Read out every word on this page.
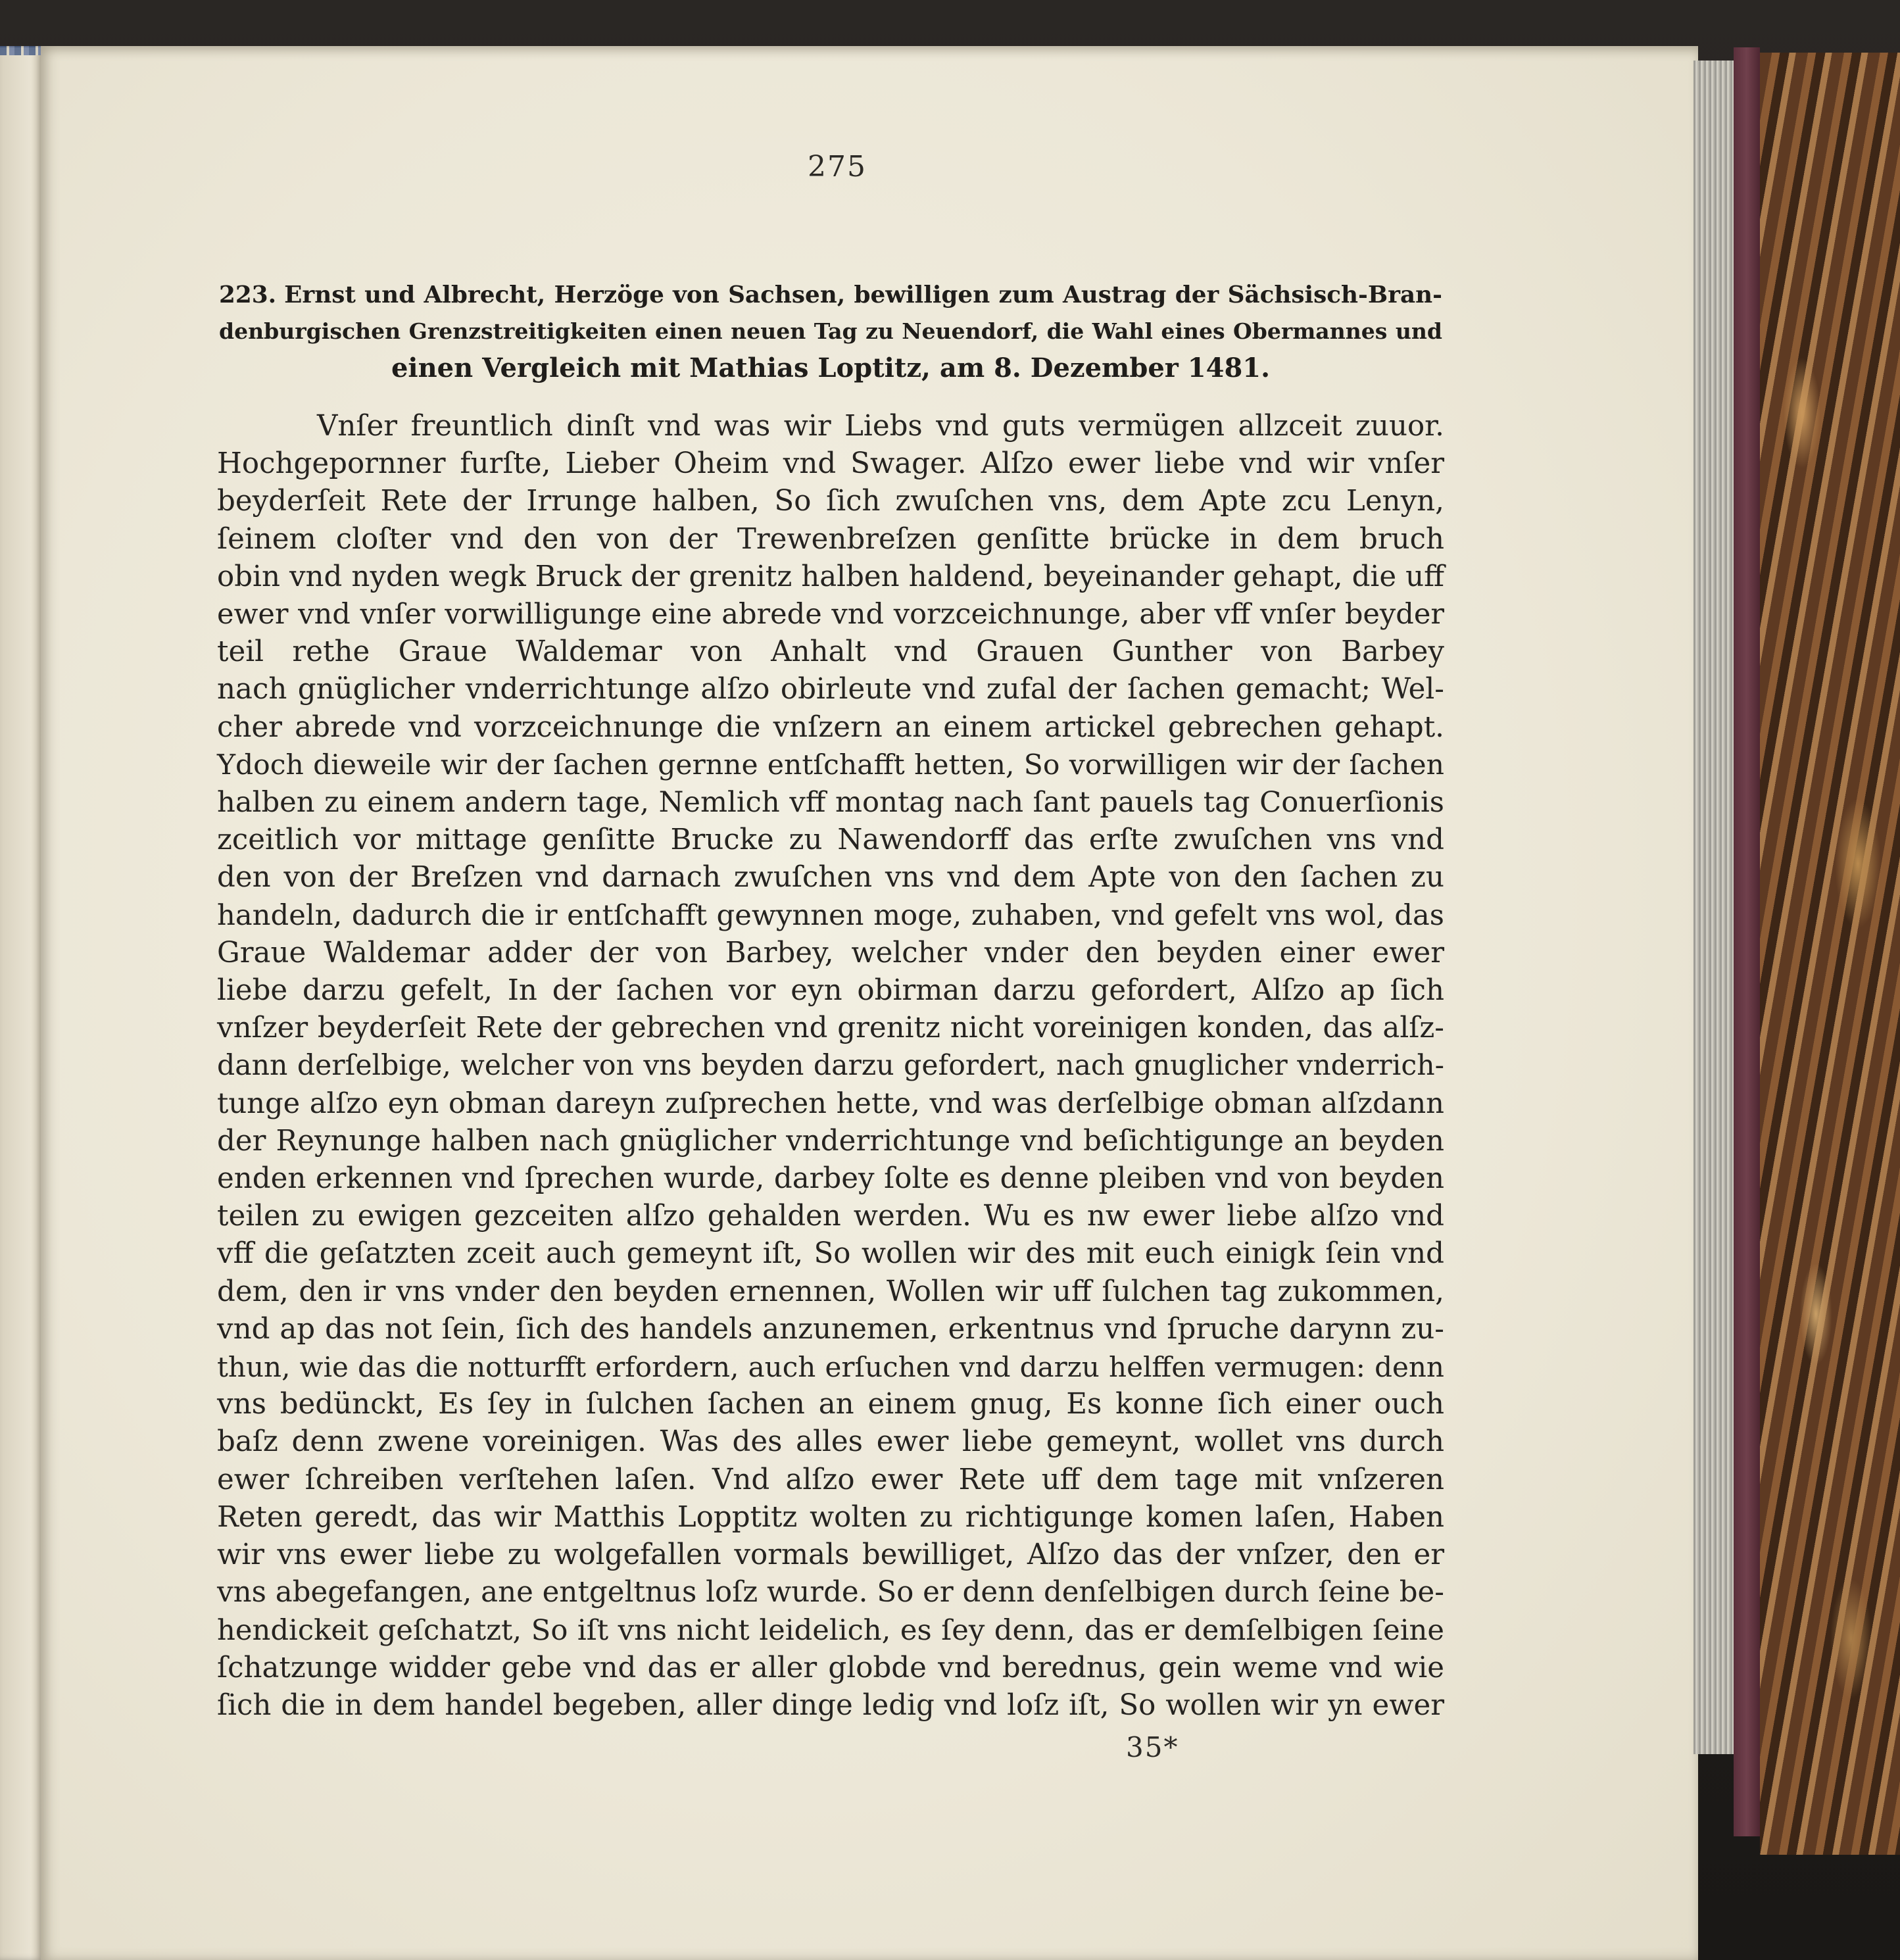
275
223. Ernst und Albrecht, Herzöge von Sachsen, bewilligen zum Austrag der Sächsisch-Bran-
denburgischen Grenzstreitigkeiten einen neuen Tag zu Neuendorf, die Wahl eines Obermannes und
einen Vergleich mit Mathias Loptitz, am 8. Dezember 1481.
Vnſer freuntlich dinſt vnd was wir Liebs vnd guts vermügen allzceit zuuor.
Hochgepornner furſte, Lieber Oheim vnd Swager. Alſzo ewer liebe vnd wir vnſer
beyderſeit Rete der Irrunge halben, So ſich zwuſchen vns, dem Apte zcu Lenyn,
ſeinem cloſter vnd den von der Trewenbreſzen genſitte brücke in dem bruch
obin vnd nyden wegk Bruck der grenitz halben haldend, beyeinander gehapt, die uff
ewer vnd vnſer vorwilligunge eine abrede vnd vorzceichnunge, aber vff vnſer beyder
teil rethe Graue Waldemar von Anhalt vnd Grauen Gunther von Barbey
nach gnüglicher vnderrichtunge alſzo obirleute vnd zufal der ſachen gemacht; Wel-
cher abrede vnd vorzceichnunge die vnſzern an einem artickel gebrechen gehapt.
Ydoch dieweile wir der ſachen gernne entſchafft hetten, So vorwilligen wir der ſachen
halben zu einem andern tage, Nemlich vff montag nach ſant pauels tag Conuerſionis
zceitlich vor mittage genſitte Brucke zu Nawendorff das erſte zwuſchen vns vnd
den von der Breſzen vnd darnach zwuſchen vns vnd dem Apte von den ſachen zu
handeln, dadurch die ir entſchafft gewynnen moge, zuhaben, vnd gefelt vns wol, das
Graue Waldemar adder der von Barbey, welcher vnder den beyden einer ewer
liebe darzu gefelt, In der ſachen vor eyn obirman darzu gefordert, Alſzo ap ſich
vnſzer beyderſeit Rete der gebrechen vnd grenitz nicht voreinigen konden, das alſz-
dann derſelbige, welcher von vns beyden darzu gefordert, nach gnuglicher vnderrich-
tunge alſzo eyn obman dareyn zuſprechen hette, vnd was derſelbige obman alſzdann
der Reynunge halben nach gnüglicher vnderrichtunge vnd beſichtigunge an beyden
enden erkennen vnd ſprechen wurde, darbey ſolte es denne pleiben vnd von beyden
teilen zu ewigen gezceiten alſzo gehalden werden. Wu es nw ewer liebe alſzo vnd
vff die geſatzten zceit auch gemeynt iſt, So wollen wir des mit euch einigk ſein vnd
dem, den ir vns vnder den beyden ernennen, Wollen wir uff ſulchen tag zukommen,
vnd ap das not ſein, ſich des handels anzunemen, erkentnus vnd ſpruche darynn zu-
thun, wie das die notturfft erfordern, auch erſuchen vnd darzu helffen vermugen: denn
vns bedünckt, Es ſey in ſulchen ſachen an einem gnug, Es konne ſich einer ouch
baſz denn zwene voreinigen. Was des alles ewer liebe gemeynt, wollet vns durch
ewer ſchreiben verſtehen laſen. Vnd alſzo ewer Rete uff dem tage mit vnſzeren
Reten geredt, das wir Matthis Lopptitz wolten zu richtigunge komen laſen, Haben
wir vns ewer liebe zu wolgefallen vormals bewilliget, Alſzo das der vnſzer, den er
vns abegefangen, ane entgeltnus loſz wurde. So er denn denſelbigen durch ſeine be-
hendickeit geſchatzt, So iſt vns nicht leidelich, es ſey denn, das er demſelbigen ſeine
ſchatzunge widder gebe vnd das er aller globde vnd berednus, gein weme vnd wie
ſich die in dem handel begeben, aller dinge ledig vnd loſz iſt, So wollen wir yn ewer
35*
